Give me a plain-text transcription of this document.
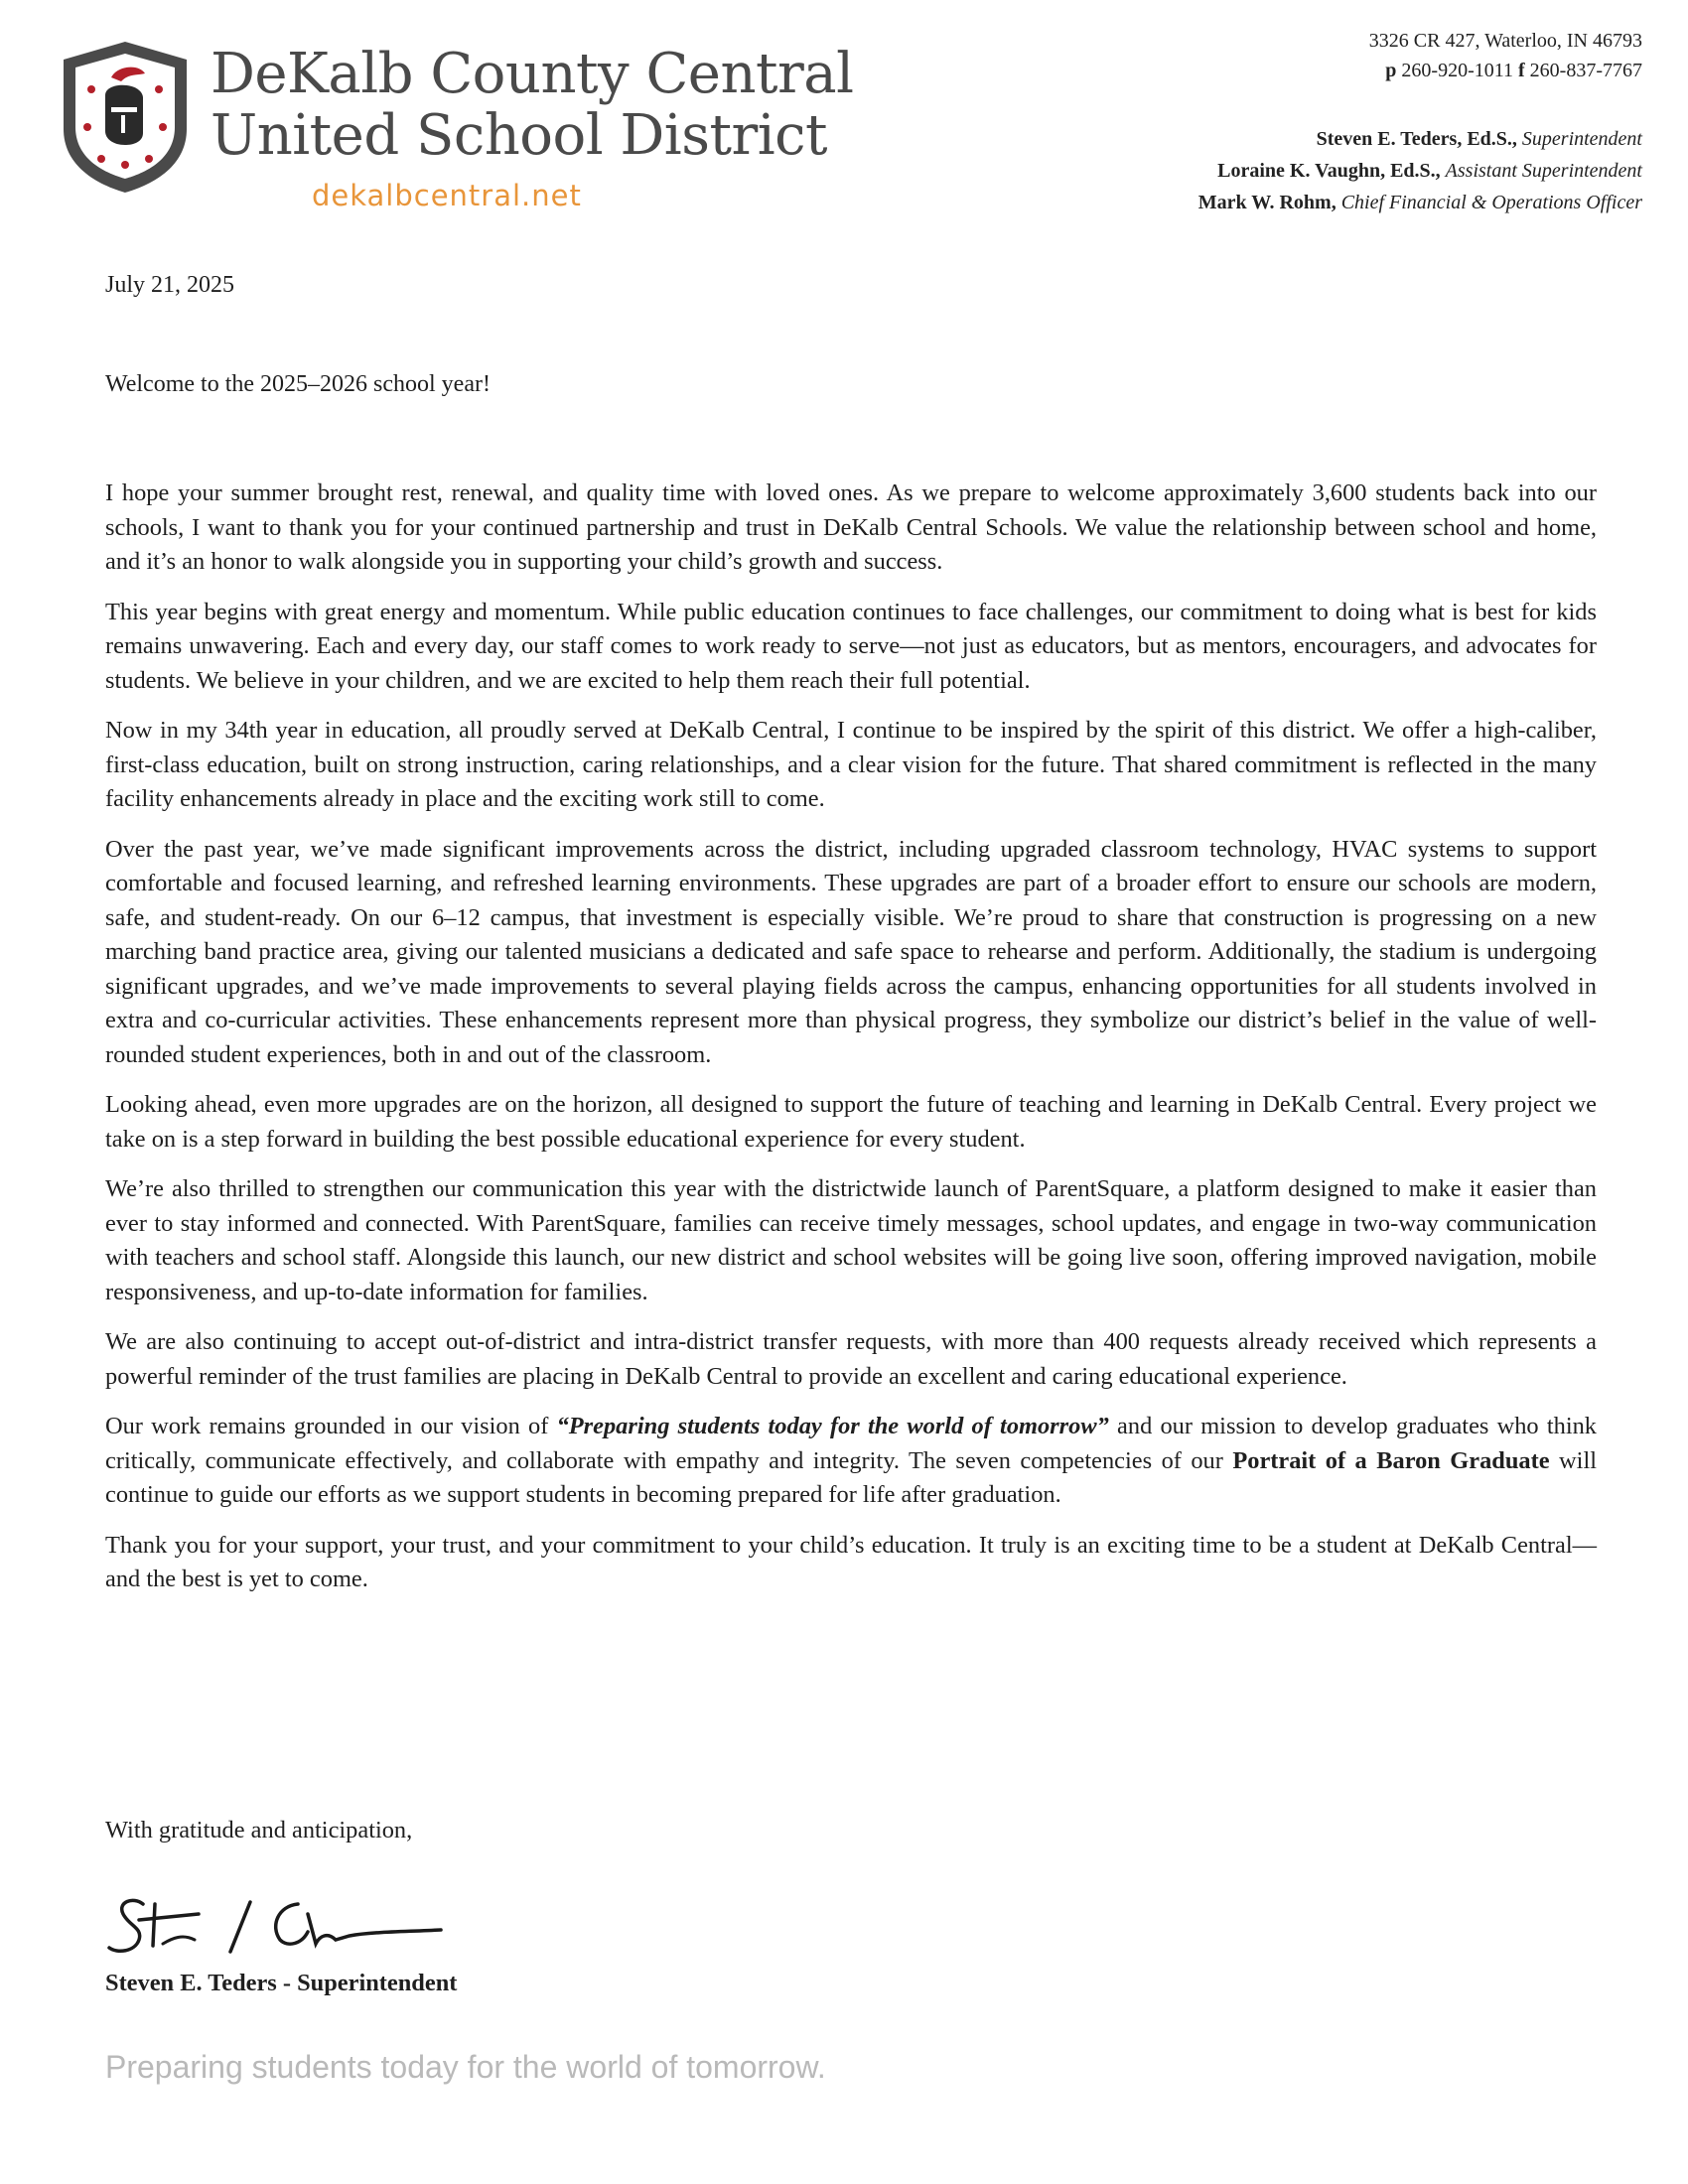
DeKalb County Central
United School District
dekalbcentral.net
3326 CR 427, Waterloo, IN 46793
p 260-920-1011 f 260-837-7767
Steven E. Teders, Ed.S., Superintendent
Loraine K. Vaughn, Ed.S., Assistant Superintendent
Mark W. Rohm, Chief Financial & Operations Officer
July 21, 2025
Welcome to the 2025–2026 school year!

I hope your summer brought rest, renewal, and quality time with loved ones. As we prepare to welcome approximately 3,600 students back into our schools, I want to thank you for your continued partnership and trust in DeKalb Central Schools. We value the relationship between school and home, and it’s an honor to walk alongside you in supporting your child’s growth and success.

This year begins with great energy and momentum. While public education continues to face challenges, our commitment to doing what is best for kids remains unwavering. Each and every day, our staff comes to work ready to serve—not just as educators, but as mentors, encouragers, and advocates for students. We believe in your children, and we are excited to help them reach their full potential.

Now in my 34th year in education, all proudly served at DeKalb Central, I continue to be inspired by the spirit of this district. We offer a high-caliber, first-class education, built on strong instruction, caring relationships, and a clear vision for the future. That shared commitment is reflected in the many facility enhancements already in place and the exciting work still to come.

Over the past year, we’ve made significant improvements across the district, including upgraded classroom technology, HVAC systems to support comfortable and focused learning, and refreshed learning environments. These upgrades are part of a broader effort to ensure our schools are modern, safe, and student-ready. On our 6–12 campus, that investment is especially visible. We’re proud to share that construction is progressing on a new marching band practice area, giving our talented musicians a dedicated and safe space to rehearse and perform. Additionally, the stadium is undergoing significant upgrades, and we’ve made improvements to several playing fields across the campus, enhancing opportunities for all students involved in extra and co-curricular activities. These enhancements represent more than physical progress, they symbolize our district’s belief in the value of well-rounded student experiences, both in and out of the classroom.

Looking ahead, even more upgrades are on the horizon, all designed to support the future of teaching and learning in DeKalb Central. Every project we take on is a step forward in building the best possible educational experience for every student.

We’re also thrilled to strengthen our communication this year with the districtwide launch of ParentSquare, a platform designed to make it easier than ever to stay informed and connected. With ParentSquare, families can receive timely messages, school updates, and engage in two-way communication with teachers and school staff. Alongside this launch, our new district and school websites will be going live soon, offering improved navigation, mobile responsiveness, and up-to-date information for families.

We are also continuing to accept out-of-district and intra-district transfer requests, with more than 400 requests already received which represents a powerful reminder of the trust families are placing in DeKalb Central to provide an excellent and caring educational experience.

Our work remains grounded in our vision of “Preparing students today for the world of tomorrow” and our mission to develop graduates who think critically, communicate effectively, and collaborate with empathy and integrity. The seven competencies of our Portrait of a Baron Graduate will continue to guide our efforts as we support students in becoming prepared for life after graduation.

Thank you for your support, your trust, and your commitment to your child’s education. It truly is an exciting time to be a student at DeKalb Central—and the best is yet to come.

With gratitude and anticipation,
Steven E. Teders - Superintendent
Preparing students today for the world of tomorrow.
